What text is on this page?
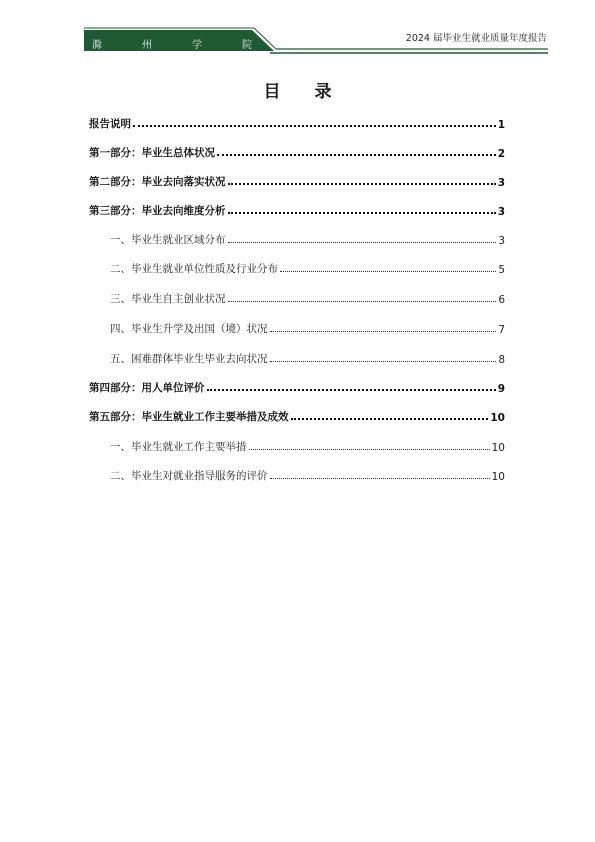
滁	州	学	院
2024 届毕业生就业质量年度报告
目 录
报告说明	1
第一部分：毕业生总体状况	2
第二部分：毕业去向落实状况	3
第三部分：毕业去向维度分析	3
一、毕业生就业区域分布	3
二、毕业生就业单位性质及行业分布	5
三、毕业生自主创业状况	6
四、毕业生升学及出国（境）状况	7
五、困难群体毕业生毕业去向状况	8
第四部分：用人单位评价	9
第五部分：毕业生就业工作主要举措及成效	10
一、毕业生就业工作主要举措	10
二、毕业生对就业指导服务的评价	10
